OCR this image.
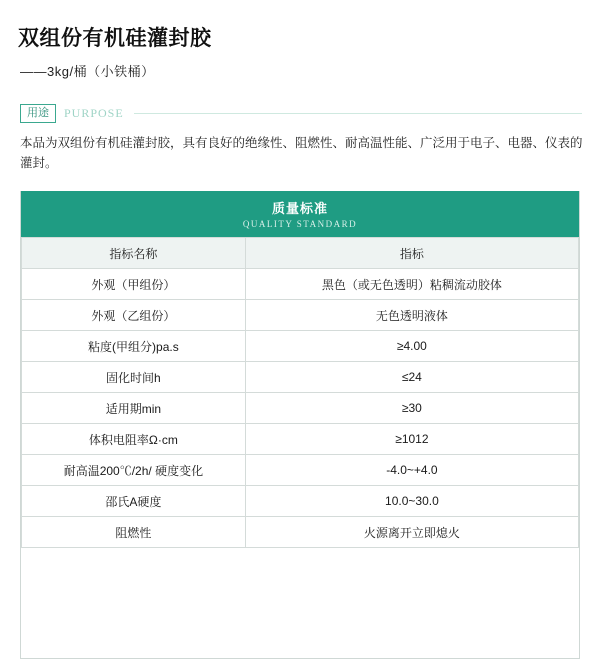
双组份有机硅灌封胶
——3kg/桶（小铁桶）
用途	PURPOSE
本品为双组份有机硅灌封胶，具有良好的绝缘性、阻燃性、耐高温性能、广泛用于电子、电器、仪表的灌封。
质量标准
QUALITY STANDARD
指标名称	指标
外观（甲组份）	黑色（或无色透明）粘稠流动胶体
外观（乙组份）	无色透明液体
粘度(甲组分)pa.s	≥4.00
固化时间h	≤24
适用期min	≥30
体积电阻率Ω·cm	≥1012
耐高温200℃/2h/ 硬度变化	-4.0~+4.0
邵氏A硬度	10.0~30.0
阻燃性	火源离开立即熄火
